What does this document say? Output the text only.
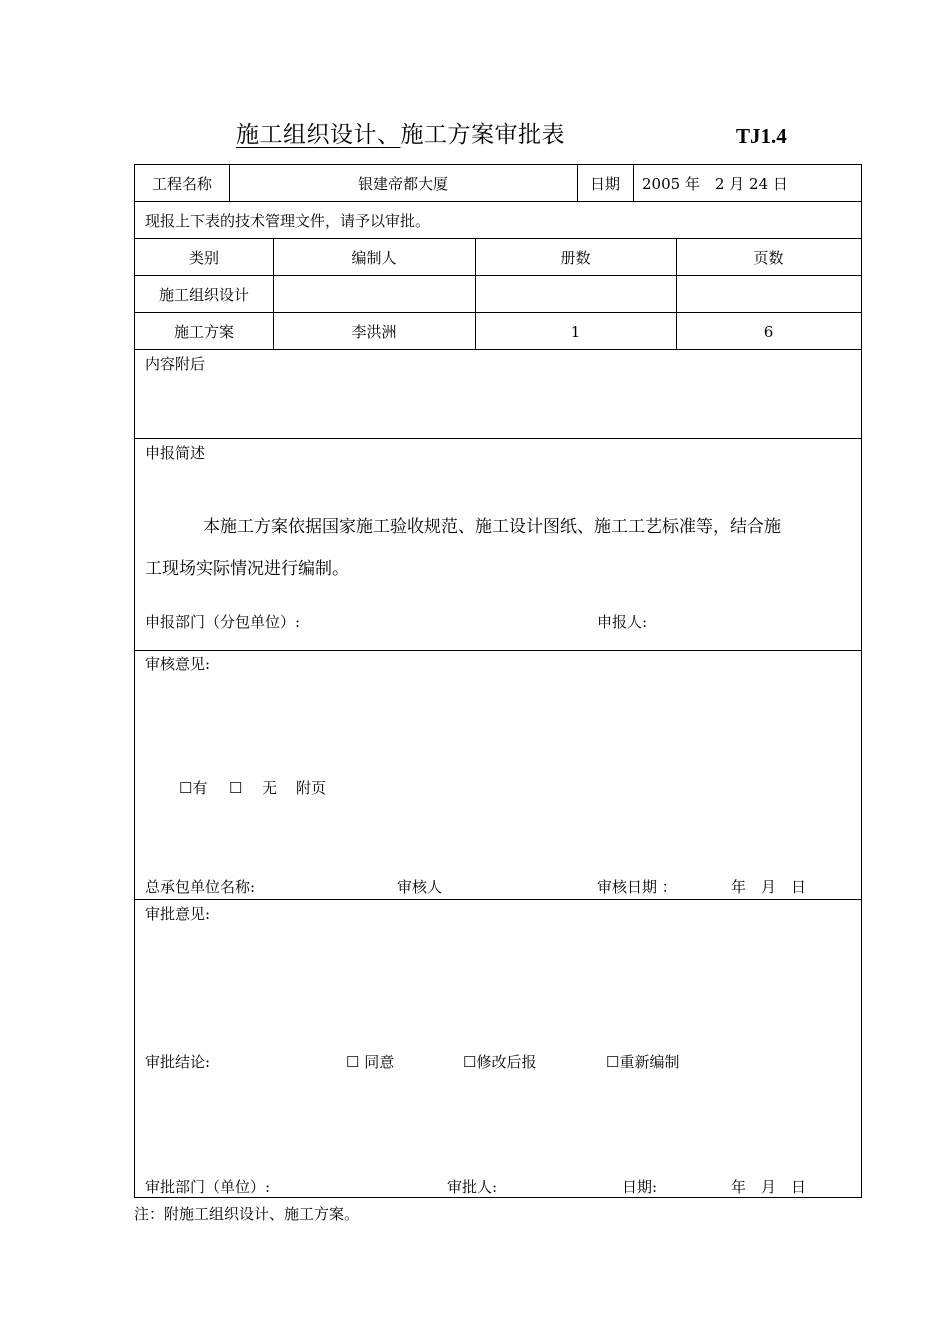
施工组织设计、施工方案审批表	TJ1.4
工程名称	银建帝都大厦	日期	2005 年　2 月 24 日
现报上下表的技术管理文件，请予以审批。
类别	编制人	册数	页数
施工组织设计
施工方案	李洪洲	1	6
内容附后
申报简述
本施工方案依据国家施工验收规范、施工设计图纸、施工工艺标准等，结合施
工现场实际情况进行编制。
申报部门（分包单位）:	申报人:
审核意见:
☐有 ☐ 无 附页
总承包单位名称:	审核人	审核日期 ：	年　月　日
审批意见:
审批结论:	☐ 同意	☐修改后报	☐重新编制
审批部门（单位）:	审批人:	日期:	年　月　日
注：附施工组织设计、施工方案。
